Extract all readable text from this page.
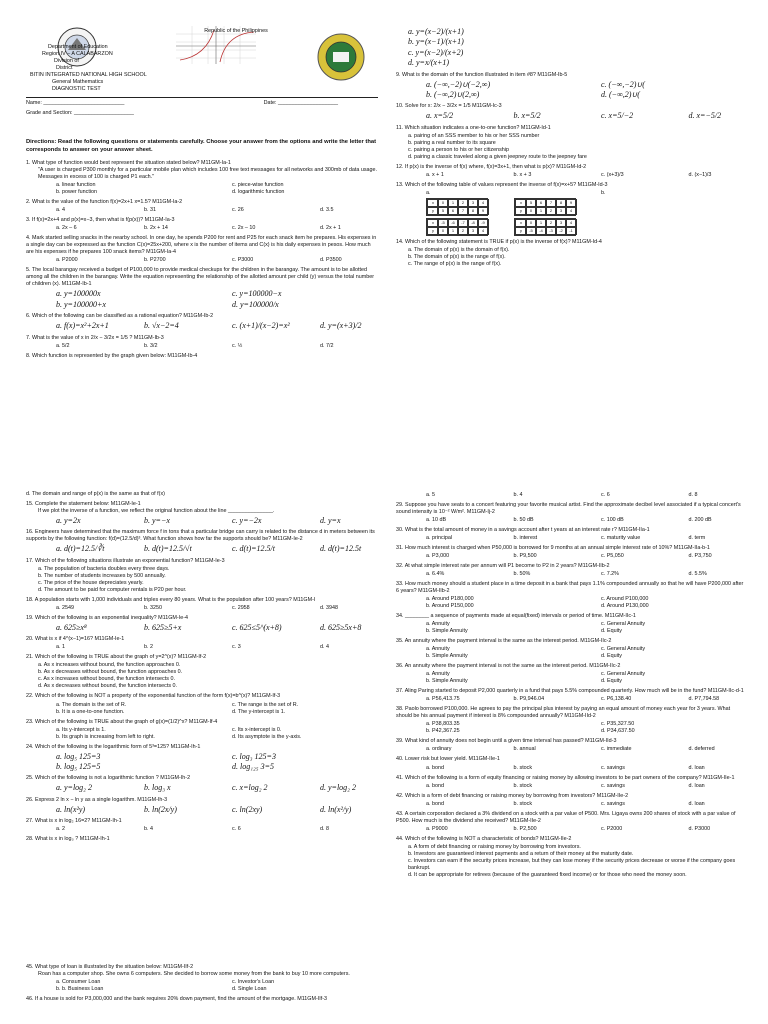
Republic of the Philippines
Department of Education
Region IV – A CALABARZON
Division of
District
BITIN INTEGRATED NATIONAL HIGH SCHOOL
General Mathematics
DIAGNOSTIC TEST
Name: ___________________________	Date: ____________________
Grade and Section: ____________________

Directions: Read the following questions or statements carefully. Choose your answer from the options and write the letter that corresponds to answer on your answer sheet.

1. What type of function would best represent the situation stated below? M11GM-Ia-1

"A user is charged P300 monthly for a particular mobile plan which includes 100 free text messages for all networks and 300mb of data usage. Messages in excess of 100 is charged P1 each."

a. linear function	c. piece-wise function
b. power function	d. logarithmic function

2. What is the value of the function f(x)=2x+1 x=1.5? M11GM-Ia-2

a. 4	b. 31	c. 26	d. 3.5

3. If f(x)=2x+4 and p(x)=x−3, then what is f(p(x))? M11GM-Ia-3

a. 2x – 6	b. 2x + 14	c. 2x – 10	d. 2x + 1

4. Mark started selling snacks in the nearby school. In one day, he spends P200 for rent and P25 for each snack item he prepares. His expenses in a single day can be expressed as the function C(x)=25x+200, where x is the number of items and C(x) is his daily expenses in pesos. How much are his expenses if he prepares 100 snack items? M11GM-Ia-4

a. P2000	b. P2700	c. P3000	d. P3500

5. The local barangay received a budget of P100,000 to provide medical checkups for the children in the barangay. The amount is to be allotted among all the children in the barangay. Write the equation representing the relationship of the allotted amount per child (y) versus the total number of children (x). M11GM-Ib-1

a. y=100000x	c. y=100000−x
b. y=100000+x	d. y=100000/x

6. Which of the following can be classified as a rational equation? M11GM-Ib-2

a. f(x)=x²+2x+1	b. √x−2=4	c. (x+1)/(x−2)=x²	d. y=(x+3)/2

7. What is the value of x in 2/x − 3/2x = 1/5 ? M11GM-Ib-3

a. 5/2	b. 3/2	c. ½	d. 7/2

8. Which function is represented by the graph given below: M11GM-Ib-4

a. y=(x−2)/(x+1)
b. y=(x−1)/(x+1)
c. y=(x−2)/(x+2)
d. y=x/(x+1)

9. What is the domain of the function illustrated in item #8? M11GM-Ib-5

a. (−∞,−2)∪(−2,∞)	c. (−∞,−2)∪(
b. (−∞,2)∪(2,∞)	d. (−∞,2)∪(

10. Solve for x: 2/x − 3/2x = 1/5 M11GM-Ic-3

a. x=5/2	b. x=5/2	c. x=5/−2	d. x=−5/2

11. Which situation indicates a one-to-one function? M11GM-Id-1

a. pairing of an SSS member to his or her SSS number
b. pairing a real number to its square
c. pairing a person to his or her citizenship
d. pairing a classic traveled along a given jeepney route to the jeepney fare

12. If p(x) is the inverse of f(x) where, f(x)=3x+1, then what is p(x)? M11GM-Id-2

a. x + 1	b. x + 3	c. (x+3)/3	d. (x−1)/3

13. Which of the following table of values represent the inverse of f(x)=x+5? M11GM-Id-3

a.	b.
x	0	1	2	3	4
y	5	6	7	8	9
x	5	6	7	8	9
y	0	1	2	3	4
x	-5	-6	-7	-8	-9
y	0	1	2	3	4
x	0	1	2	3	4
y	-5	-4	-3	-2	-1

14. Which of the following statement is TRUE if p(x) is the inverse of f(x)? M11GM-Id-4

a. The domain of p(x) is the domain of f(x).
b. The domain of p(x) is the range of f(x).
c. The range of p(x) is the range of f(x).

d. The domain and range of p(x) is the same as that of f(x)

15. Complete the statement below: M11GM-Ie-1

If we plot the inverse of a function, we reflect the original function about the line _______________.

a. y=2x	b. y=−x	c. y=−2x	d. y=x

16. Engineers have determined that the maximum force f in tons that a particular bridge can carry is related to the distance d in meters between its supports by the following function: f(d)=(12.5/d)³. What function shows how far the supports should be? M11GM-Ie-2

a. d(t)=12.5/∛t	b. d(t)=12.5/√t	c. d(t)=12.5/t	d. d(t)=12.5t

17. Which of the following situations illustrate an exponential function? M11GM-Ie-3

a. The population of bacteria doubles every three days.
b. The number of students increases by 500 annually.
c. The price of the house depreciates yearly.
d. The amount to be paid for computer rentals is P20 per hour.

18. A population starts with 1,000 individuals and triples every 80 years. What is the population after 100 years? M11GM-I

a. 2549	b. 3250	c. 2958	d. 3948

19. Which of the following is an exponential inequality? M11GM-Ie-4

a. 625≥x⁸	b. 625≥5+x	c. 625≤5^(x+8)	d. 625≥5x+8

20. What is x if 4^(x−1)=16? M11GM-Ie-1

a. 1	b. 2	c. 3	d. 4

21. Which of the following is TRUE about the graph of y=2^(x)? M11GM-If-2

a. As x increases without bound, the function approaches 0.
b. As x decreases without bound, the function approaches 0.
c. As x increases without bound, the function intersects 0.
d. As x decreases without bound, the function intersects 0.

22. Which of the following is NOT a property of the exponential function of the form f(x)=b^(x)? M11GM-If-3

a. The domain is the set of R.	c. The range is the set of R.
b. It is a one-to-one function.	d. The y-intercept is 1.

23. Which of the following is TRUE about the graph of g(x)=(1/2)^x? M11GM-If-4

a. Its y-intercept is 1.	c. Its x-intercept is 0.
b. Its graph is increasing from left to right.	d. Its asymptote is the y-axis.

24. Which of the following is the logarithmic form of 5³=125? M11GM-Ih-1

a. log₅ 125=3	c. log₃ 125=3
b. log₅ 125=5	d. log₁₂₅ 3=5

25. Which of the following is not a logarithmic function ? M11GM-Ih-2

a. y=log₂ 2	b. log₃ x	c. x=log₂ 2	d. y=log₂ 2

26. Express 2 ln x − ln y as a single logarithm. M11GM-Ih-3

a. ln(x²y)	b. ln(2x/y)	c. ln(2xy)	d. ln(x²/y)

27. What is x in log₂ 16=2? M11GM-Ih-1

a. 2	b. 4	c. 6	d. 8

28. What is x in log₃ ? M11GM-Ih-1

a. 5	b. 4	c. 6	d. 8

29. Suppose you have seats to a concert featuring your favorite musical artist. Find the approximate decibel level associated if a typical concert's sound intensity is 10⁻² W/m². M11GM-Ij-2

a. 10 dB	b. 50 dB	c. 100 dB	d. 200 dB

30. What is the total amount of money in a savings account after t years at an interest rate r? M11GM-IIa-1

a. principal	b. interest	c. maturity value	d. term

31. How much interest is charged when P50,000 is borrowed for 9 months at an annual simple interest rate of 10%? M11GM-IIa-b-1

a. P3,000	b. P9,500	c. P5,050	d. P3,750

32. At what simple interest rate per annum will P1 become to P2 in 2 years? M11GM-IIb-2

a. 6.4%	b. 50%	c. 7.2%	d. 5.5%

33. How much money should a student place in a time deposit in a bank that pays 1.1% compounded annually so that he will have P200,000 after 6 years? M11GM-IIb-2

a. Around P180,000	c. Around P100,000
b. Around P150,000	d. Around P130,000

34. ________ a sequence of payments made at equal(fixed) intervals or period of time. M11GM-IIc-1

a. Annuity	c. General Annuity
b. Simple Annuity	d. Equity

35. An annuity where the payment interval is the same as the interest period. M11GM-IIc-2

a. Annuity	c. General Annuity
b. Simple Annuity	d. Equity

36. An annuity where the payment interval is not the same as the interest period. M11GM-IIc-2

a. Annuity	c. General Annuity
b. Simple Annuity	d. Equity

37. Aling Paring started to deposit P2,000 quarterly in a fund that pays 5.5% compounded quarterly. How much will be in the fund? M11GM-IIc-d-1

a. P56,413.75	b. P9,946.04	c. P6,138.40	d. P7,794.58

38. Paolo borrowed P100,000. He agrees to pay the principal plus interest by paying an equal amount of money each year for 3 years. What should be his annual payment if interest is 8% compounded annually? M11GM-IId-2

a. P38,803.35	c. P35,327.50
b. P42,367.25	d. P34,637.50

39. What kind of annuity does not begin until a given time interval has passed? M11GM-IId-3

a. ordinary	b. annual	c. immediate	d. deferred

40. Lower risk but lower yield. M11GM-IIe-1

a. bond	b. stock	c. savings	d. loan

41. Which of the following is a form of equity financing or raising money by allowing investors to be part owners of the company? M11GM-IIe-1

a. bond	b. stock	c. savings	d. loan

42. Which is a form of debt financing or raising money by borrowing from investors? M11GM-IIe-2

a. bond	b. stock	c. savings	d. loan

43. A certain corporation declared a 3% dividend on a stock with a par value of P500. Mrs. Ligaya owns 200 shares of stock with a par value of P500. How much is the dividend she received? M11GM-IIe-2

a. P9000	b. P2,500	c. P2000	d. P3000

44. Which of the following is NOT a characteristic of bonds? M11GM-IIe-2

a. A form of debt financing or raising money by borrowing from investors.
b. Investors are guaranteed interest payments and a return of their money at the maturity date.
c. Investors can earn if the security prices increase, but they can lose money if the security prices decrease or worse if the company goes bankrupt.
d. It can be appropriate for retirees (because of the guaranteed fixed income) or for those who need the money soon.

45. What type of loan is illustrated by the situation below: M11GM-IIf-2

Roan has a computer shop. She owns 6 computers. She decided to borrow some money from the bank to buy 10 more computers.

a. Consumer Loan	c. Investor's Loan
b. b. Business Loan	d. Single Loan

46. If a house is sold for P3,000,000 and the bank requires 20% down payment, find the amount of the mortgage. M11GM-IIf-3
